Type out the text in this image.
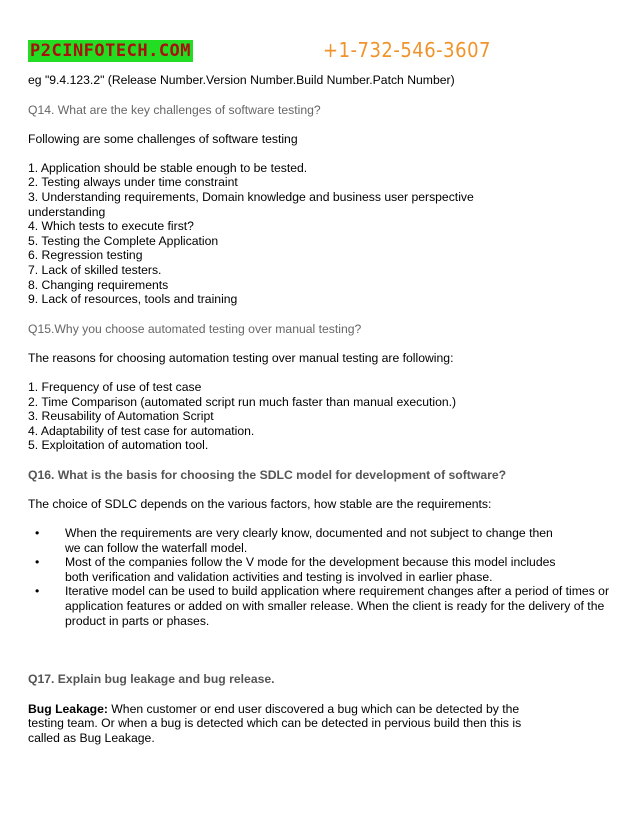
P2CINFOTECH.COM	+1-732-546-3607

eg "9.4.123.2" (Release Number.Version Number.Build Number.Patch Number)

Q14. What are the key challenges of software testing?

Following are some challenges of software testing

1. Application should be stable enough to be tested.

2. Testing always under time constraint

3. Understanding requirements, Domain knowledge and business user perspective understanding

4. Which tests to execute first?

5. Testing the Complete Application

6. Regression testing

7. Lack of skilled testers.

8. Changing requirements

9. Lack of resources, tools and training

Q15.Why you choose automated testing over manual testing?

The reasons for choosing automation testing over manual testing are following:

1. Frequency of use of test case

2. Time Comparison (automated script run much faster than manual execution.)

3. Reusability of Automation Script

4. Adaptability of test case for automation.

5. Exploitation of automation tool.

Q16. What is the basis for choosing the SDLC model for development of software?

The choice of SDLC depends on the various factors, how stable are the requirements:

• When the requirements are very clearly know, documented and not subject to change then we can follow the waterfall model.
• Most of the companies follow the V mode for the development because this model includes both verification and validation activities and testing is involved in earlier phase.
• Iterative model can be used to build application where requirement changes after a period of times or application features or added on with smaller release. When the client is ready for the delivery of the product in parts or phases.

Q17. Explain bug leakage and bug release.

Bug Leakage: When customer or end user discovered a bug which can be detected by the testing team. Or when a bug is detected which can be detected in pervious build then this is called as Bug Leakage.
